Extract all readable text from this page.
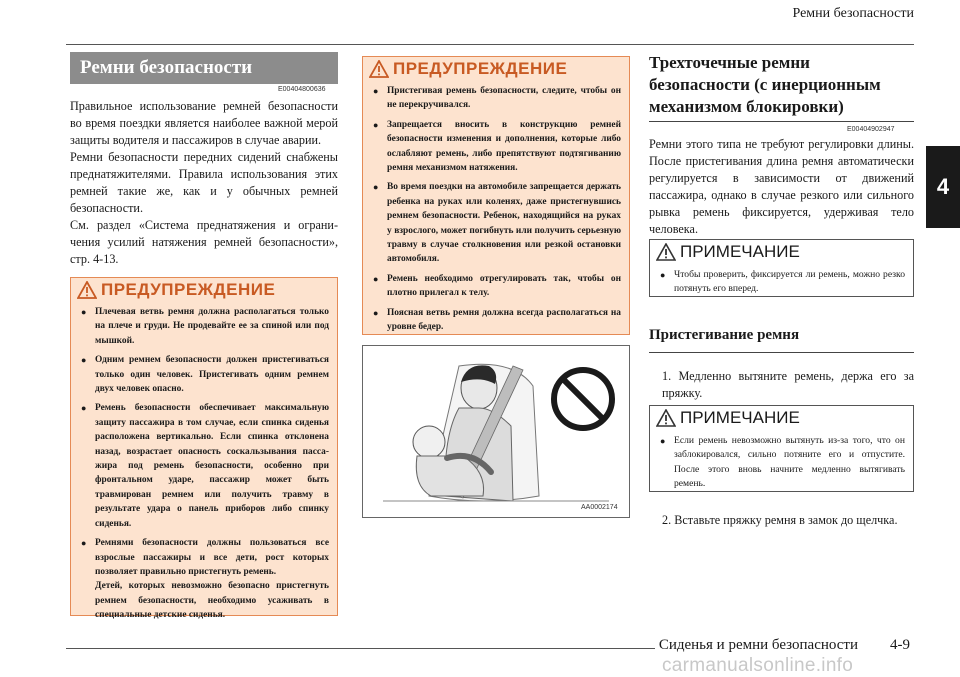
Ремни безопасности
4
Ремни безопасности
E00404800636
Правильное использование ремней безопасности во время поездки является наиболее важной мерой защиты водителя и пассажиров в случае аварии.
Ремни безопасности передних сидений снабжены преднатяжителями. Правила использования этих ремней такие же, как и у обычных ремней безопасности.
См. раздел «Система преднатяжения и ограничения усилий натяжения ремней безопасности», стр. 4-13.
ПРЕДУПРЕЖДЕНИЕ
● Плечевая ветвь ремня должна располагаться только на плече и груди. Не продевайте ее за спиной или под мышкой.
● Одним ремнем безопасности должен пристегиваться только один человек. Пристегивать одним ремнем двух человек опасно.
● Ремень безопасности обеспечивает максимальную защиту пассажира в том случае, если спинка сиденья расположена вертикально. Если спинка отклонена назад, возрастает опасность соскальзывания пассажира под ремень безопасности, особенно при фронтальном ударе, пассажир может быть травмирован ремнем или получить травму в результате удара о панель приборов либо спинку сиденья.
● Ремнями безопасности должны пользоваться все взрослые пассажиры и все дети, рост которых позволяет правильно пристегнуть ремень.
Детей, которых невозможно безопасно пристегнуть ремнем безопасности, необходимо усаживать в специальные детские сиденья.
ПРЕДУПРЕЖДЕНИЕ
● Пристегивая ремень безопасности, следите, чтобы он не перекручивался.
● Запрещается вносить в конструкцию ремней безопасности изменения и дополнения, которые либо ослабляют ремень, либо препятствуют подтягиванию ремня механизмом натяжения.
● Во время поездки на автомобиле запрещается держать ребенка на руках или коленях, даже пристегнувшись ремнем безопасности. Ребенок, находящийся на руках у взрослого, может погибнуть или получить серьезную травму в случае столкновения или резкой остановки автомобиля.
● Ремень необходимо отрегулировать так, чтобы он плотно прилегал к телу.
● Поясная ветвь ремня должна всегда располагаться на уровне бедер.
AA0002174
Трехточечные ремни безопасности (с инерционным механизмом блокировки)
E00404902947
Ремни этого типа не требуют регулировки длины. После пристегивания длина ремня автоматически регулируется в зависимости от движений пассажира, однако в случае резкого или сильного рывка ремень фиксируется, удерживая тело человека.
ПРИМЕЧАНИЕ
● Чтобы проверить, фиксируется ли ремень, можно резко потянуть его вперед.
Пристегивание ремня
1. Медленно вытяните ремень, держа его за пряжку.
ПРИМЕЧАНИЕ
● Если ремень невозможно вытянуть из-за того, что он заблокировался, сильно потяните его и отпустите. После этого вновь начните медленно вытягивать ремень.
2. Вставьте пряжку ремня в замок до щелчка.
Сиденья и ремни безопасности 4-9
carmanualsonline.info
